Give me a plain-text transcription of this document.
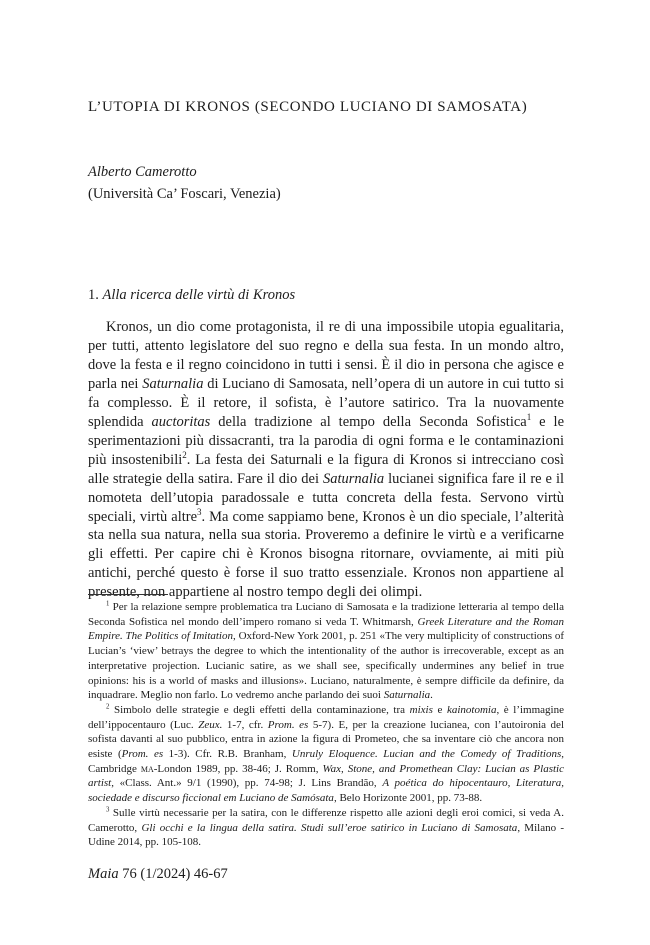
L’UTOPIA DI KRONOS (SECONDO LUCIANO DI SAMOSATA)
Alberto Camerotto
(Università Ca’ Foscari, Venezia)
1. Alla ricerca delle virtù di Kronos

Kronos, un dio come protagonista, il re di una impossibile utopia egualitaria, per tutti, attento legislatore del suo regno e della sua festa. In un mondo altro, dove la festa e il regno coincidono in tutti i sensi. È il dio in persona che agisce e parla nei Saturnalia di Luciano di Samosata, nell’opera di un autore in cui tutto si fa complesso. È il retore, il sofista, è l’autore satirico. Tra la nuovamente splendida auctoritas della tradizione al tempo della Seconda Sofistica$^1$ e le sperimentazioni più dissacranti, tra la parodia di ogni forma e le contaminazioni più insostenibili$^2$. La festa dei Saturnali e la figura di Kronos si intrecciano così alle strategie della satira. Fare il dio dei Saturnalia lucianei significa fare il re e il nomoteta dell’utopia paradossale e tutta concreta della festa. Servono virtù speciali, virtù altre$^3$. Ma come sappiamo bene, Kronos è un dio speciale, l’alterità sta nella sua natura, nella sua storia. Proveremo a definire le virtù e a verificarne gli effetti. Per capire chi è Kronos bisogna ritornare, ovviamente, ai miti più antichi, perché questo è forse il suo tratto essenziale. Kronos non appartiene al presente, non appartiene al nostro tempo degli dei olimpi.

$^1$ Per la relazione sempre problematica tra Luciano di Samosata e la tradizione letteraria al tempo della Seconda Sofistica nel mondo dell’impero romano si veda T. Whitmarsh, Greek Literature and the Roman Empire. The Politics of Imitation, Oxford-New York 2001, p. 251 «The very multiplicity of constructions of Lucian’s ‘view’ betrays the degree to which the intentionality of the author is irrecoverable, except as an interpretative projection. Lucianic satire, as we shall see, specifically undermines any belief in true opinions: his is a world of masks and illusions». Luciano, naturalmente, è sempre difficile da definire, da inquadrare. Meglio non farlo. Lo vedremo anche parlando dei suoi Saturnalia.

$^2$ Simbolo delle strategie e degli effetti della contaminazione, tra mixis e kainotomia, è l’immagine dell’ippocentauro (Luc. Zeux. 1-7, cfr. Prom. es 5-7). E, per la creazione lucianea, con l’autoironia del sofista davanti al suo pubblico, entra in azione la figura di Prometeo, che sa inventare ciò che ancora non esiste (Prom. es 1-3). Cfr. R.B. Branham, Unruly Eloquence. Lucian and the Comedy of Traditions, Cambridge ma-London 1989, pp. 38-46; J. Romm, Wax, Stone, and Promethean Clay: Lucian as Plastic artist, «Class. Ant.» 9/1 (1990), pp. 74-98; J. Lins Brandão, A poética do hipocentauro, Literatura, sociedade e discurso ficcional em Luciano de Samósata, Belo Horizonte 2001, pp. 73-88.

$^3$ Sulle virtù necessarie per la satira, con le differenze rispetto alle azioni degli eroi comici, si veda A. Camerotto, Gli occhi e la lingua della satira. Studi sull’eroe satirico in Luciano di Samosata, Milano - Udine 2014, pp. 105-108.

Maia 76 (1/2024) 46-67
